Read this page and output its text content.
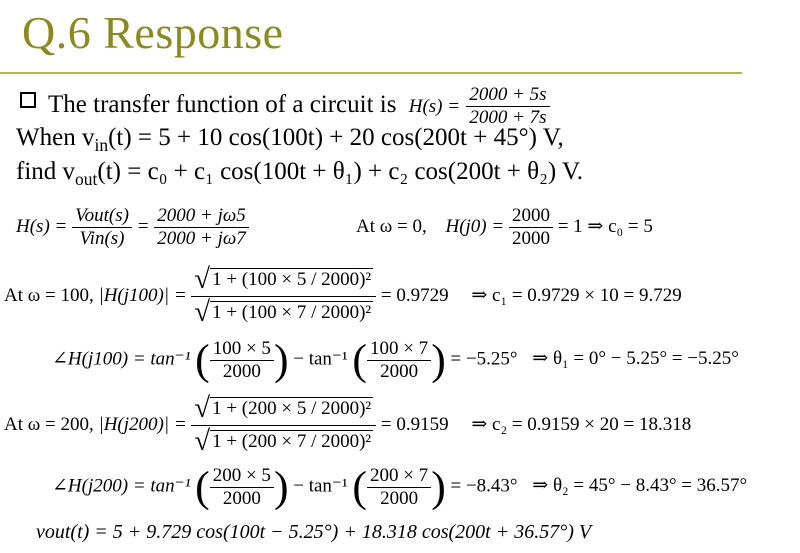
Q.6 Response
The transfer function of a circuit is $H(s) = \frac{2000 + 5s}{2000 + 7s}$
When $v_{in}(t) = 5 + 10$ cos(100t) + 20 cos(200t + 45°) V,
find $v_{out}(t) = c_0 + c_1$ cos(100t + θ₁) + c₂ cos(200t + θ₂) V.
$H(s) = \frac{\text{Vout(s)}}{\text{Vin(s)}} = \frac{2000 + j\omega 5}{2000 + j\omega 7}$	At ω = 0, $H(j0) = \frac{2000}{2000} = 1$ ⇒ c₀ = 5
At ω = 100, $|H(j100)| = \frac{\text{√ 1 + (100 × 5 / 2000)²}}{\text{√ 1 + (100 × 7 / 2000)²}} = 0.9729$ ⇒ c₁ = 0.9729 × 10 = 9.729
∠H(j100) = tan⁻¹ ( $\frac{100 \times 5}{2000}$ ) − tan⁻¹ ( $\frac{100 \times 7}{2000}$ ) = −5.25° ⇒ θ₁ = 0° − 5.25° = −5.25°
At ω = 200, $|H(j200)| = \frac{\text{√ 1 + (200 × 5 / 2000)²}}{\text{√ 1 + (200 × 7 / 2000)²}} = 0.9159$ ⇒ c₂ = 0.9159 × 20 = 18.318
∠H(j200) = tan⁻¹ ( $\frac{200 \times 5}{2000}$ ) − tan⁻¹ ( $\frac{200 \times 7}{2000}$ ) = −8.43° ⇒ θ₂ = 45° − 8.43° = 36.57°
vout(t) = 5 + 9.729 cos(100t − 5.25°) + 18.318 cos(200t + 36.57°) V
